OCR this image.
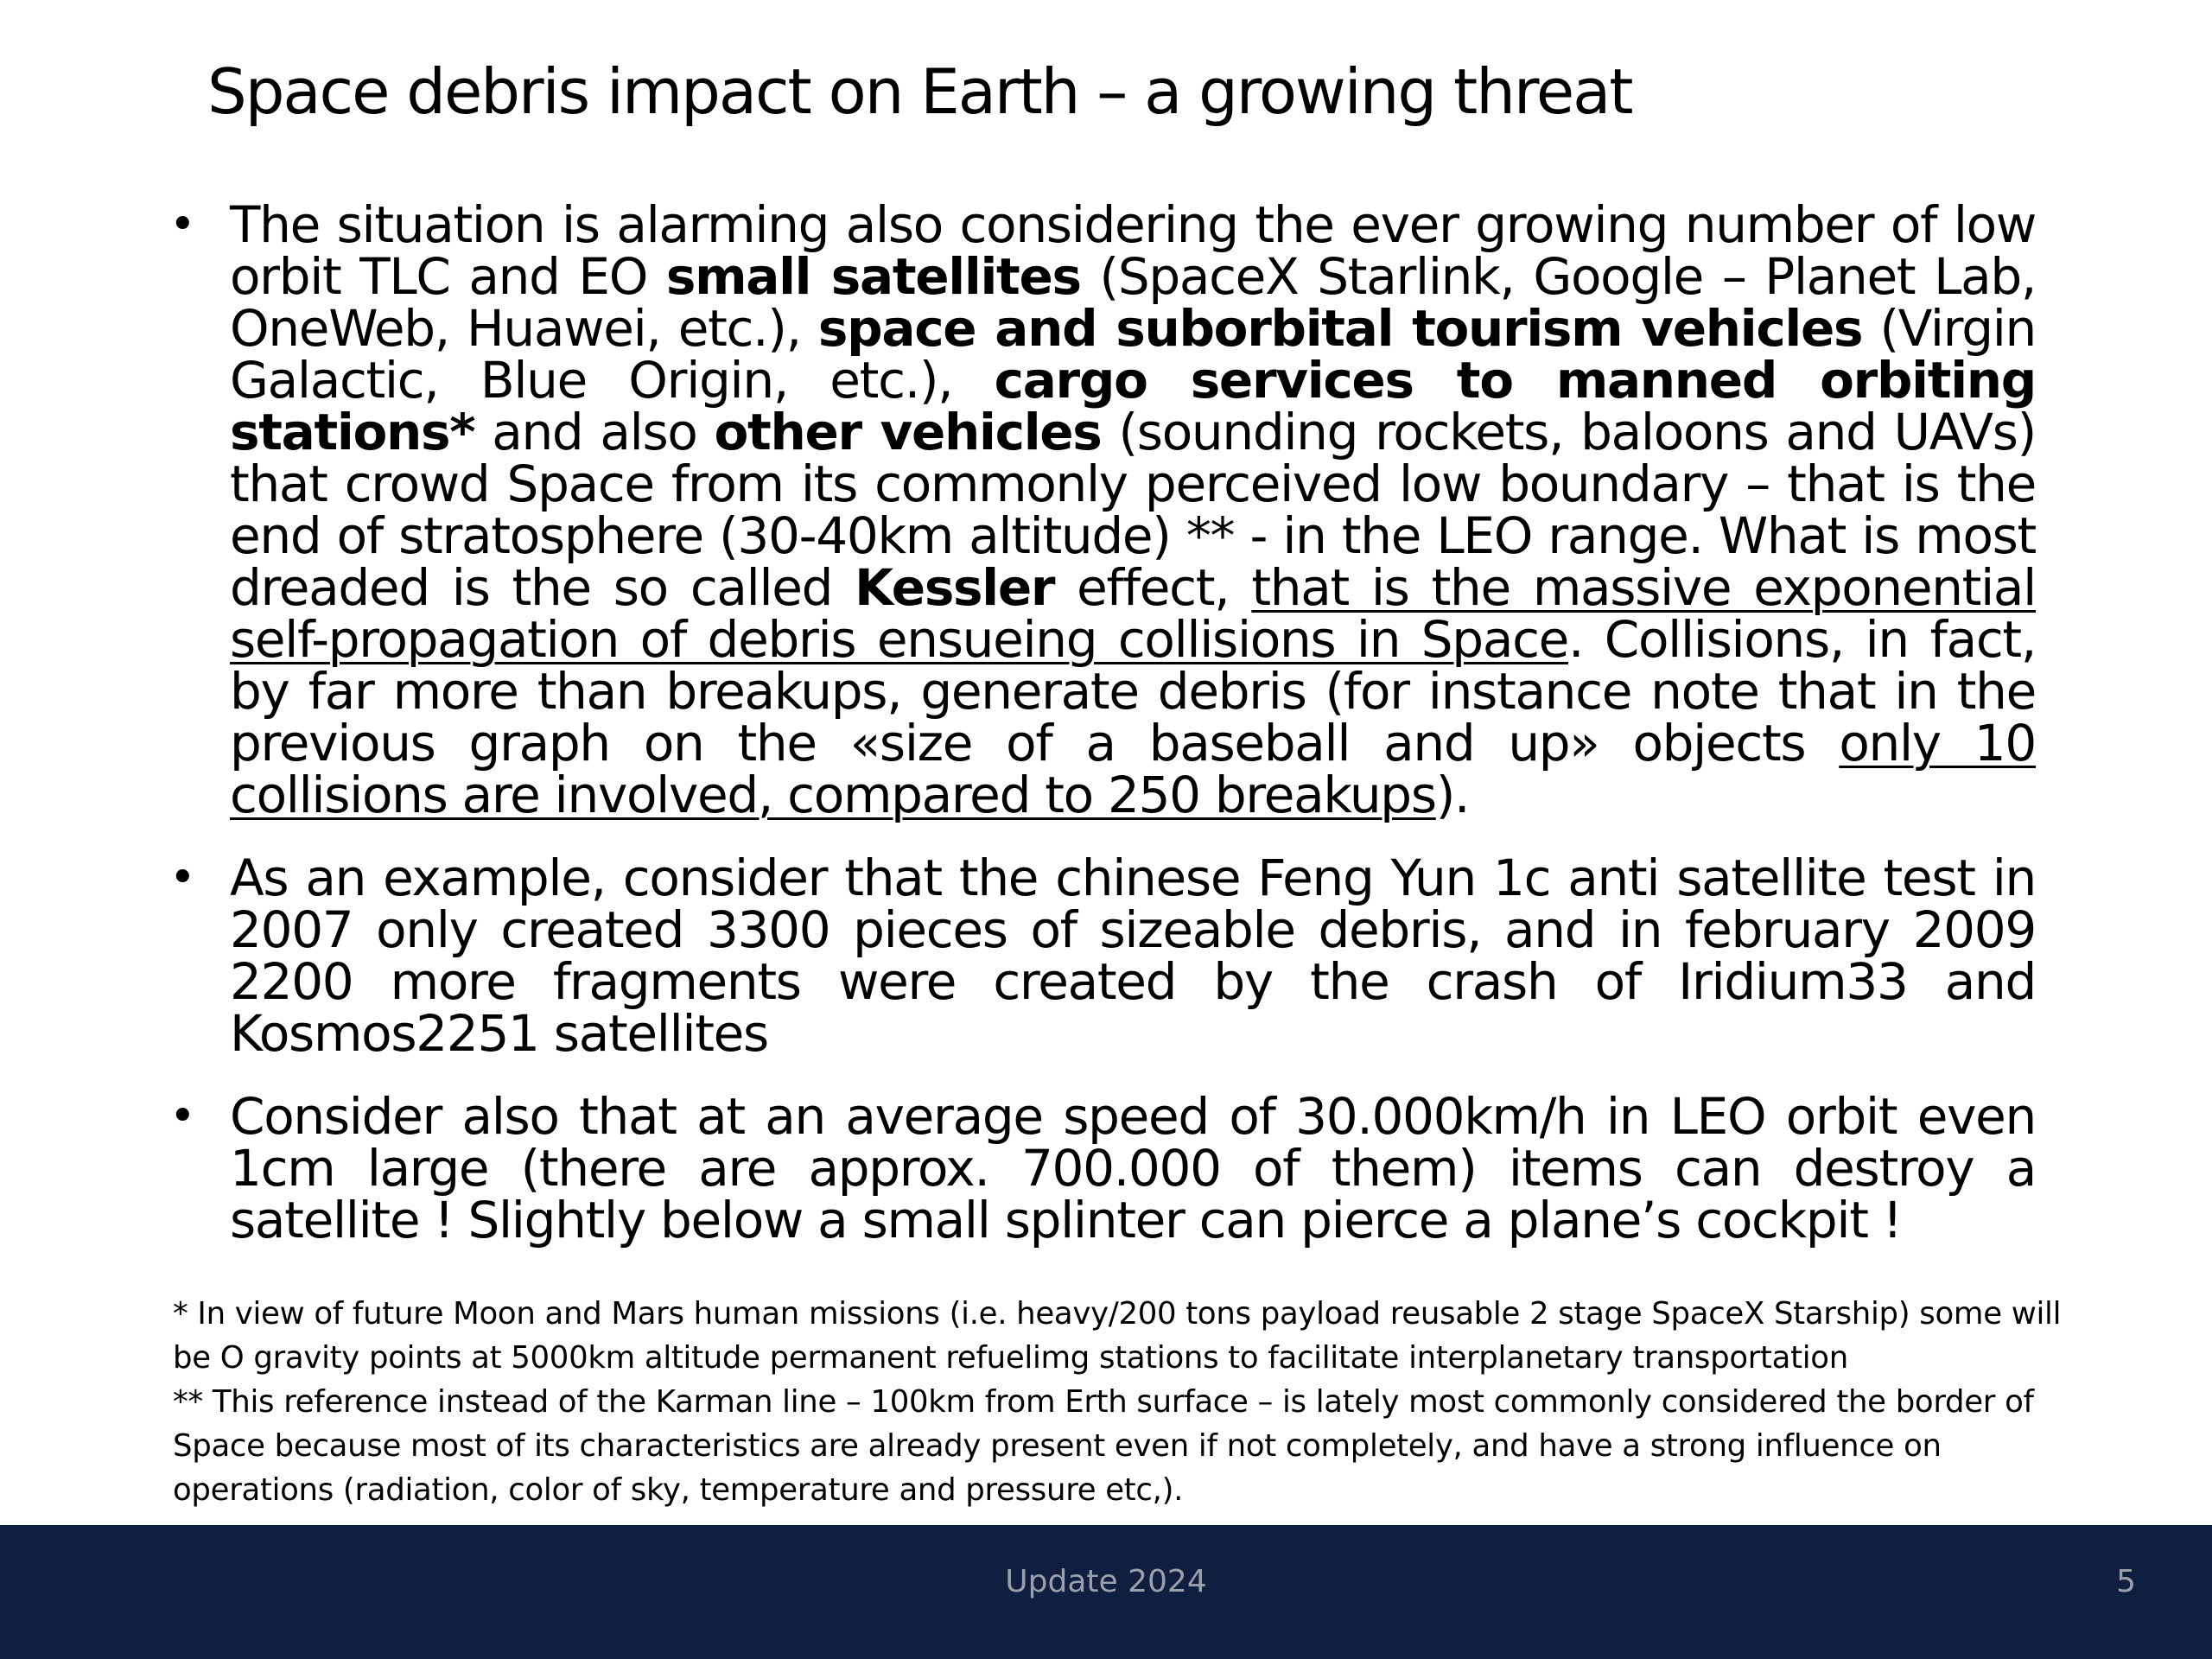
Space debris impact on Earth – a growing threat
• The situation is alarming also considering the ever growing number of low orbit TLC and EO small satellites (SpaceX Starlink, Google – Planet Lab, OneWeb, Huawei, etc.), space and suborbital tourism vehicles (Virgin Galactic, Blue Origin, etc.), cargo services to manned orbiting stations* and also other vehicles (sounding rockets, baloons and UAVs) that crowd Space from its commonly perceived low boundary – that is the end of stratosphere (30-40km altitude) ** - in the LEO range. What is most dreaded is the so called Kessler effect, that is the massive exponential self-propagation of debris ensueing collisions in Space. Collisions, in fact, by far more than breakups, generate debris (for instance note that in the previous graph on the «size of a baseball and up» objects only 10 collisions are involved, compared to 250 breakups).
• As an example, consider that the chinese Feng Yun 1c anti satellite test in 2007 only created 3300 pieces of sizeable debris, and in february 2009 2200 more fragments were created by the crash of Iridium33 and Kosmos2251 satellites
• Consider also that at an average speed of 30.000km/h in LEO orbit even 1cm large (there are approx. 700.000 of them) items can destroy a satellite ! Slightly below a small splinter can pierce a plane’s cockpit !

* In view of future Moon and Mars human missions (i.e. heavy/200 tons payload reusable 2 stage SpaceX Starship) some will be O gravity points at 5000km altitude permanent refuelimg stations to facilitate interplanetary transportation

** This reference instead of the Karman line – 100km from Erth surface – is lately most commonly considered the border of Space because most of its characteristics are already present even if not completely, and have a strong influence on operations (radiation, color of sky, temperature and pressure etc,).

Update 2024	5
